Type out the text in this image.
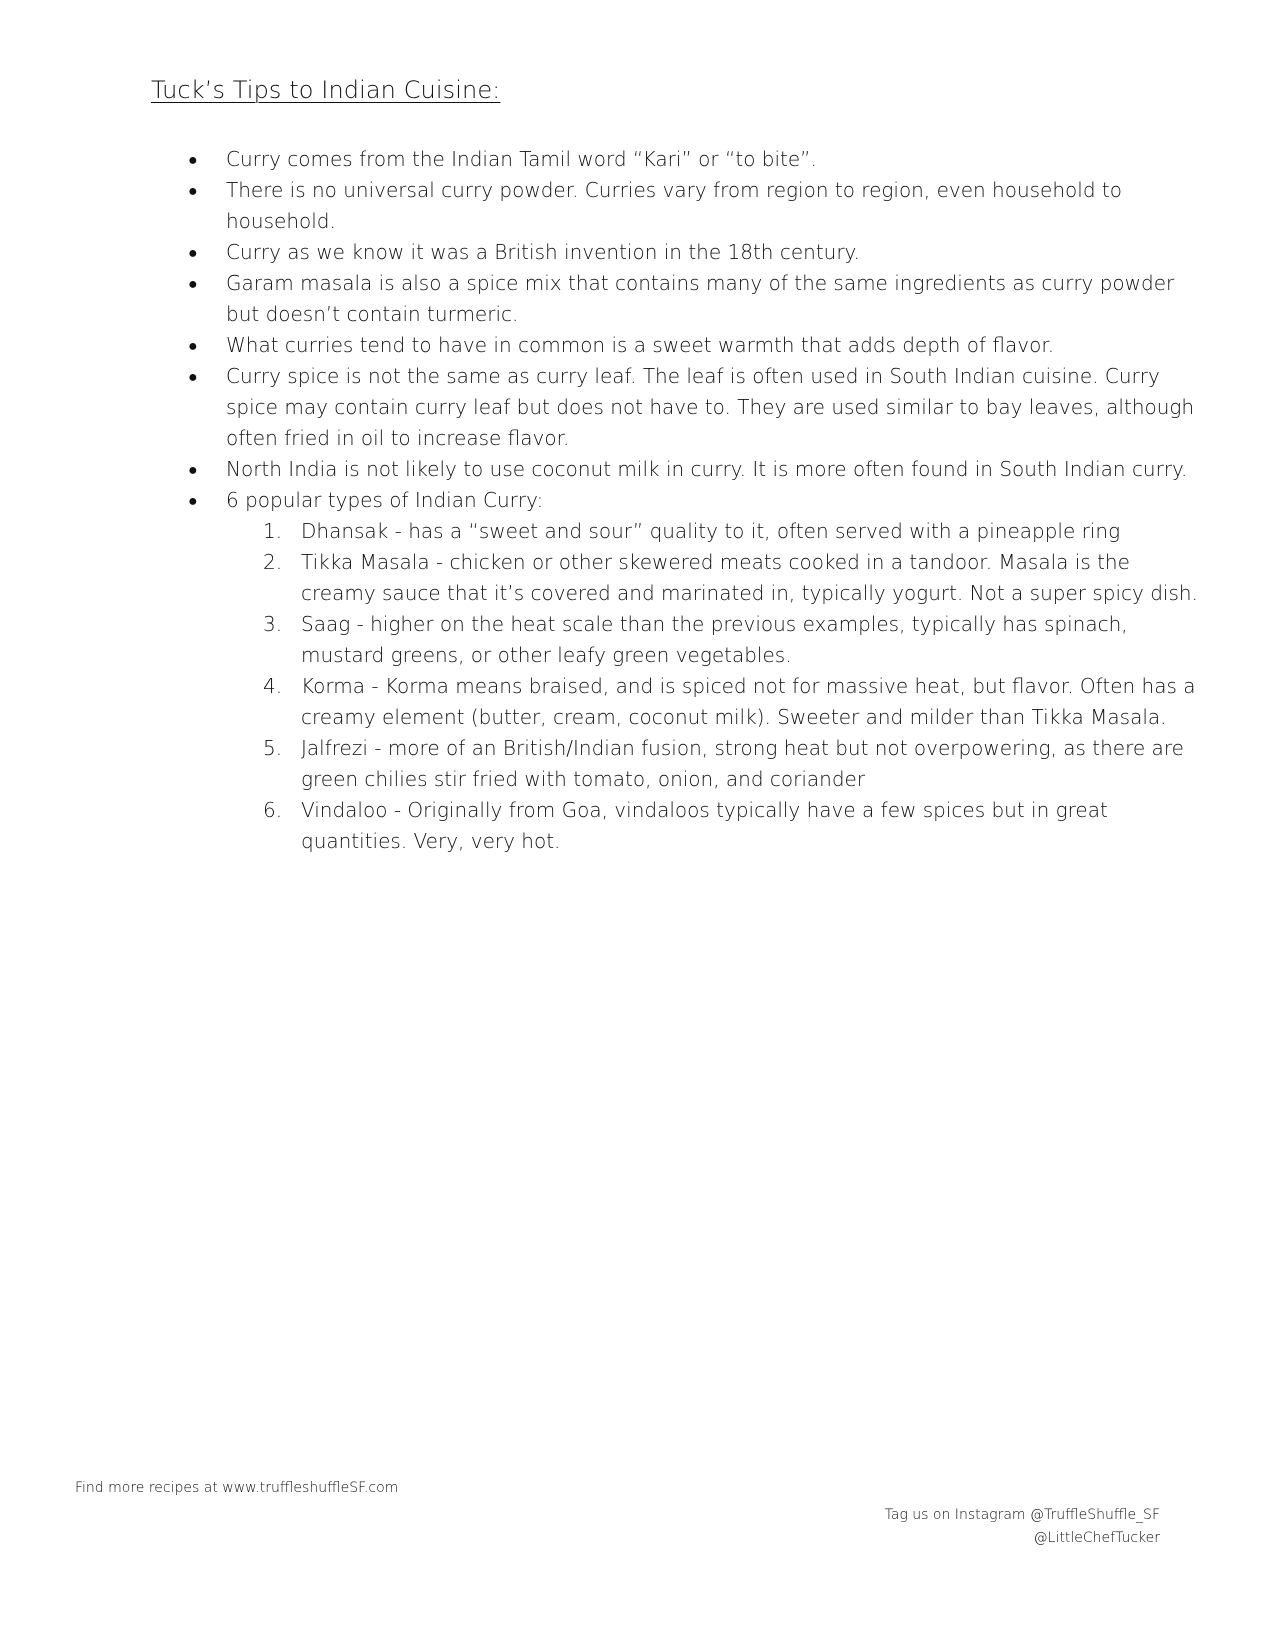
Tuck’s Tips to Indian Cuisine:
●	Curry comes from the Indian Tamil word “Kari” or “to bite”.
●	There is no universal curry powder. Curries vary from region to region, even household to household.
●	Curry as we know it was a British invention in the 18th century.
●	Garam masala is also a spice mix that contains many of the same ingredients as curry powder but doesn’t contain turmeric.
●	What curries tend to have in common is a sweet warmth that adds depth of flavor.
●	Curry spice is not the same as curry leaf. The leaf is often used in South Indian cuisine. Curry spice may contain curry leaf but does not have to. They are used similar to bay leaves, although often fried in oil to increase flavor.
●	North India is not likely to use coconut milk in curry. It is more often found in South Indian curry.
●	6 popular types of Indian Curry:
1. Dhansak - has a “sweet and sour” quality to it, often served with a pineapple ring
2. Tikka Masala - chicken or other skewered meats cooked in a tandoor. Masala is the creamy sauce that it’s covered and marinated in, typically yogurt. Not a super spicy dish.
3. Saag - higher on the heat scale than the previous examples, typically has spinach, mustard greens, or other leafy green vegetables.
4. Korma - Korma means braised, and is spiced not for massive heat, but flavor. Often has a creamy element (butter, cream, coconut milk). Sweeter and milder than Tikka Masala.
5. Jalfrezi - more of an British/Indian fusion, strong heat but not overpowering, as there are green chilies stir fried with tomato, onion, and coriander
6. Vindaloo - Originally from Goa, vindaloos typically have a few spices but in great quantities. Very, very hot.
Find more recipes at www.truffleshuffleSF.com
Tag us on Instagram @TruffleShuffle_SF
@LittleChefTucker
